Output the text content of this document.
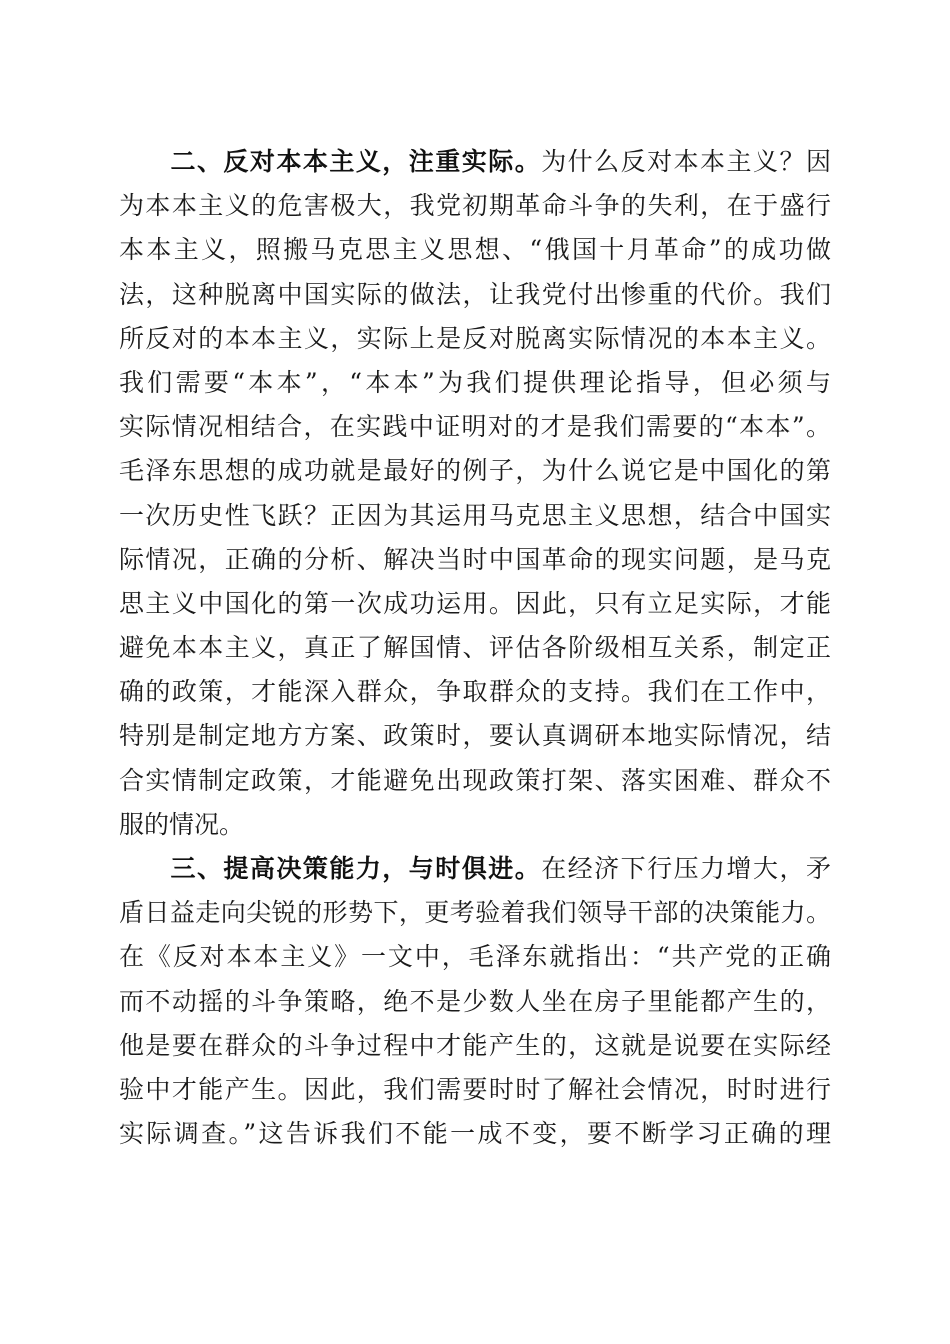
二、反对本本主义，注重实际。为什么反对本本主义？因
为本本主义的危害极大，我党初期革命斗争的失利，在于盛行
本本主义，照搬马克思主义思想、“俄国十月革命”的成功做
法，这种脱离中国实际的做法，让我党付出惨重的代价。我们
所反对的本本主义，实际上是反对脱离实际情况的本本主义。
我们需要“本本”，“本本”为我们提供理论指导，但必须与
实际情况相结合，在实践中证明对的才是我们需要的“本本”。
毛泽东思想的成功就是最好的例子，为什么说它是中国化的第
一次历史性飞跃？正因为其运用马克思主义思想，结合中国实
际情况，正确的分析、解决当时中国革命的现实问题，是马克
思主义中国化的第一次成功运用。因此，只有立足实际，才能
避免本本主义，真正了解国情、评估各阶级相互关系，制定正
确的政策，才能深入群众，争取群众的支持。我们在工作中，
特别是制定地方方案、政策时，要认真调研本地实际情况，结
合实情制定政策，才能避免出现政策打架、落实困难、群众不
服的情况。
三、提高决策能力，与时俱进。在经济下行压力增大，矛
盾日益走向尖锐的形势下，更考验着我们领导干部的决策能力。
在《反对本本主义》一文中，毛泽东就指出：“共产党的正确
而不动摇的斗争策略，绝不是少数人坐在房子里能都产生的，
他是要在群众的斗争过程中才能产生的，这就是说要在实际经
验中才能产生。因此，我们需要时时了解社会情况，时时进行
实际调查。”这告诉我们不能一成不变，要不断学习正确的理
